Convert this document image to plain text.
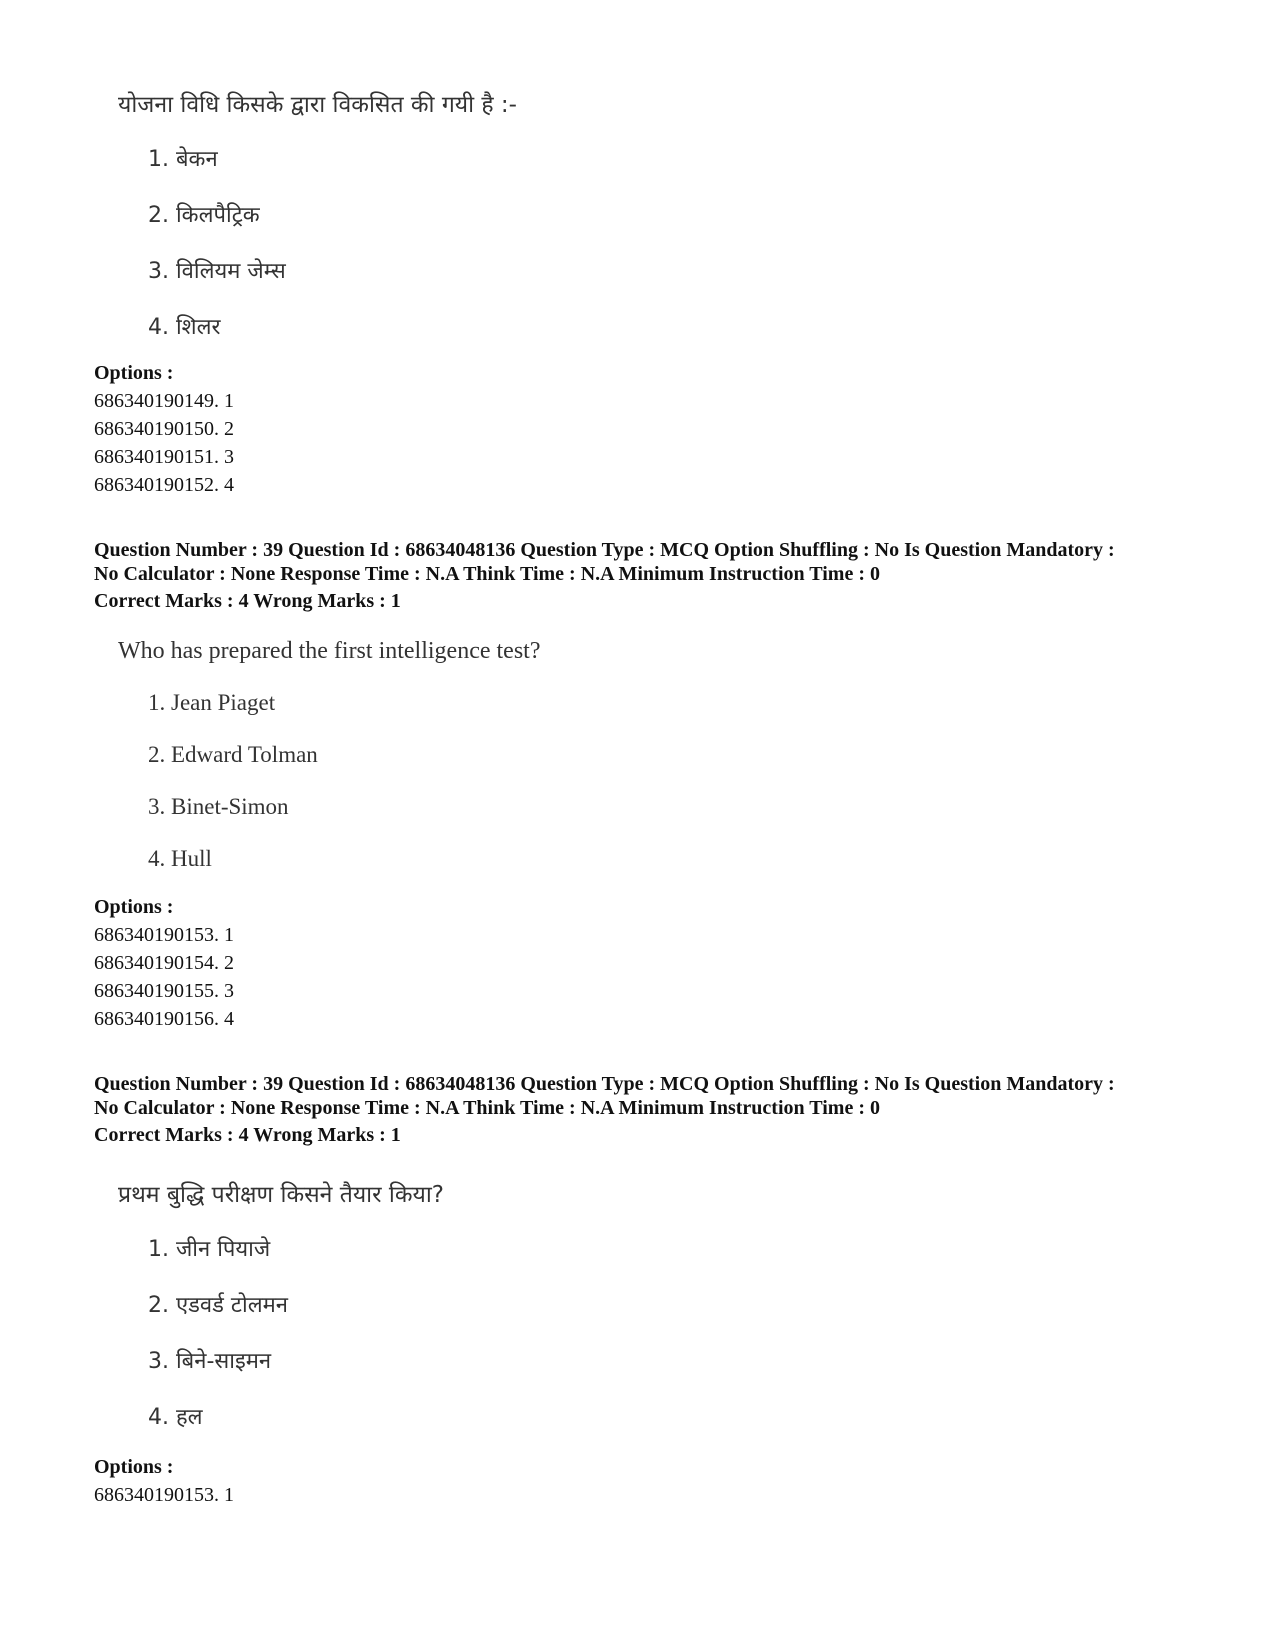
योजना विधि किसके द्वारा विकसित की गयी है :-
1. बेकन
2. किलपैट्रिक
3. विलियम जेम्स
4. शिलर
Options :
686340190149. 1
686340190150. 2
686340190151. 3
686340190152. 4
Question Number : 39 Question Id : 68634048136 Question Type : MCQ Option Shuffling : No Is Question Mandatory :
No Calculator : None Response Time : N.A Think Time : N.A Minimum Instruction Time : 0
Correct Marks : 4 Wrong Marks : 1
Who has prepared the first intelligence test?
1. Jean Piaget
2. Edward Tolman
3. Binet-Simon
4. Hull
Options :
686340190153. 1
686340190154. 2
686340190155. 3
686340190156. 4
Question Number : 39 Question Id : 68634048136 Question Type : MCQ Option Shuffling : No Is Question Mandatory :
No Calculator : None Response Time : N.A Think Time : N.A Minimum Instruction Time : 0
Correct Marks : 4 Wrong Marks : 1
प्रथम बुद्धि परीक्षण किसने तैयार किया?
1. जीन पियाजे
2. एडवर्ड टोलमन
3. बिने-साइमन
4. हल
Options :
686340190153. 1
